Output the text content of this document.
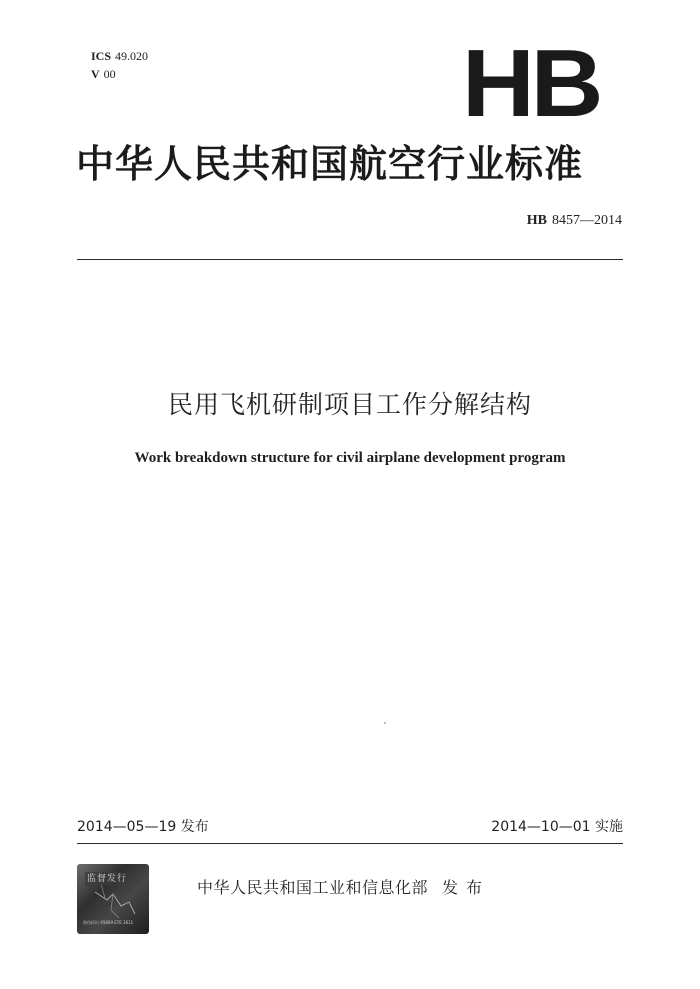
ICS 49.020
V 00	HB
中华人民共和国航空行业标准
HB 8457—2014
民用飞机研制项目工作分解结构
Work breakdown structure for civil airplane development program
2014—05—19 发布	2014—10—01 实施
监督发行
防伪标识 95669 ETE 3611
中华人民共和国工业和信息化部 发布
